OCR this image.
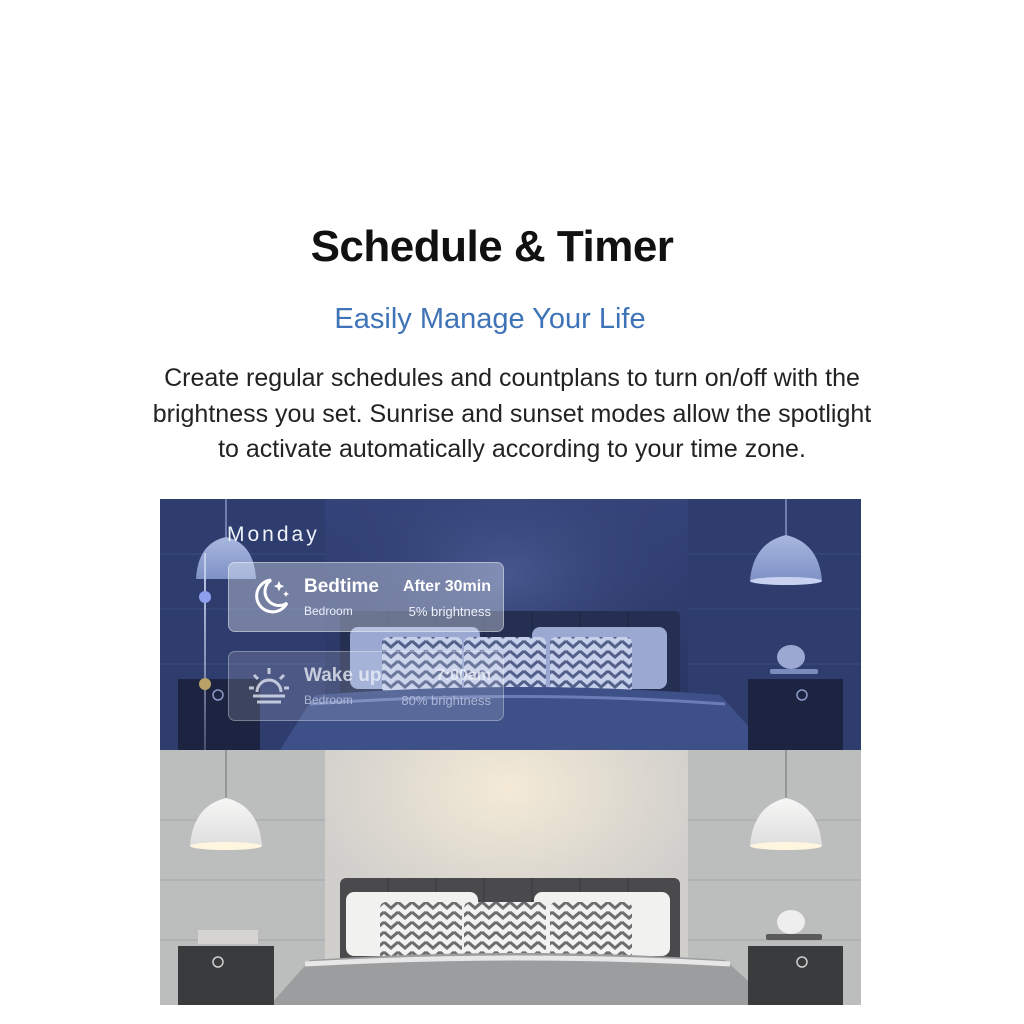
Schedule & Timer
Easily Manage Your Life
Create regular schedules and countplans to turn on/off with the
brightness you set. Sunrise and sunset modes allow the spotlight
to activate automatically according to your time zone.
Monday
Bedtime
Bedroom
After 30min
5% brightness
Wake up
Bedroom
7:00am
80% brightness
